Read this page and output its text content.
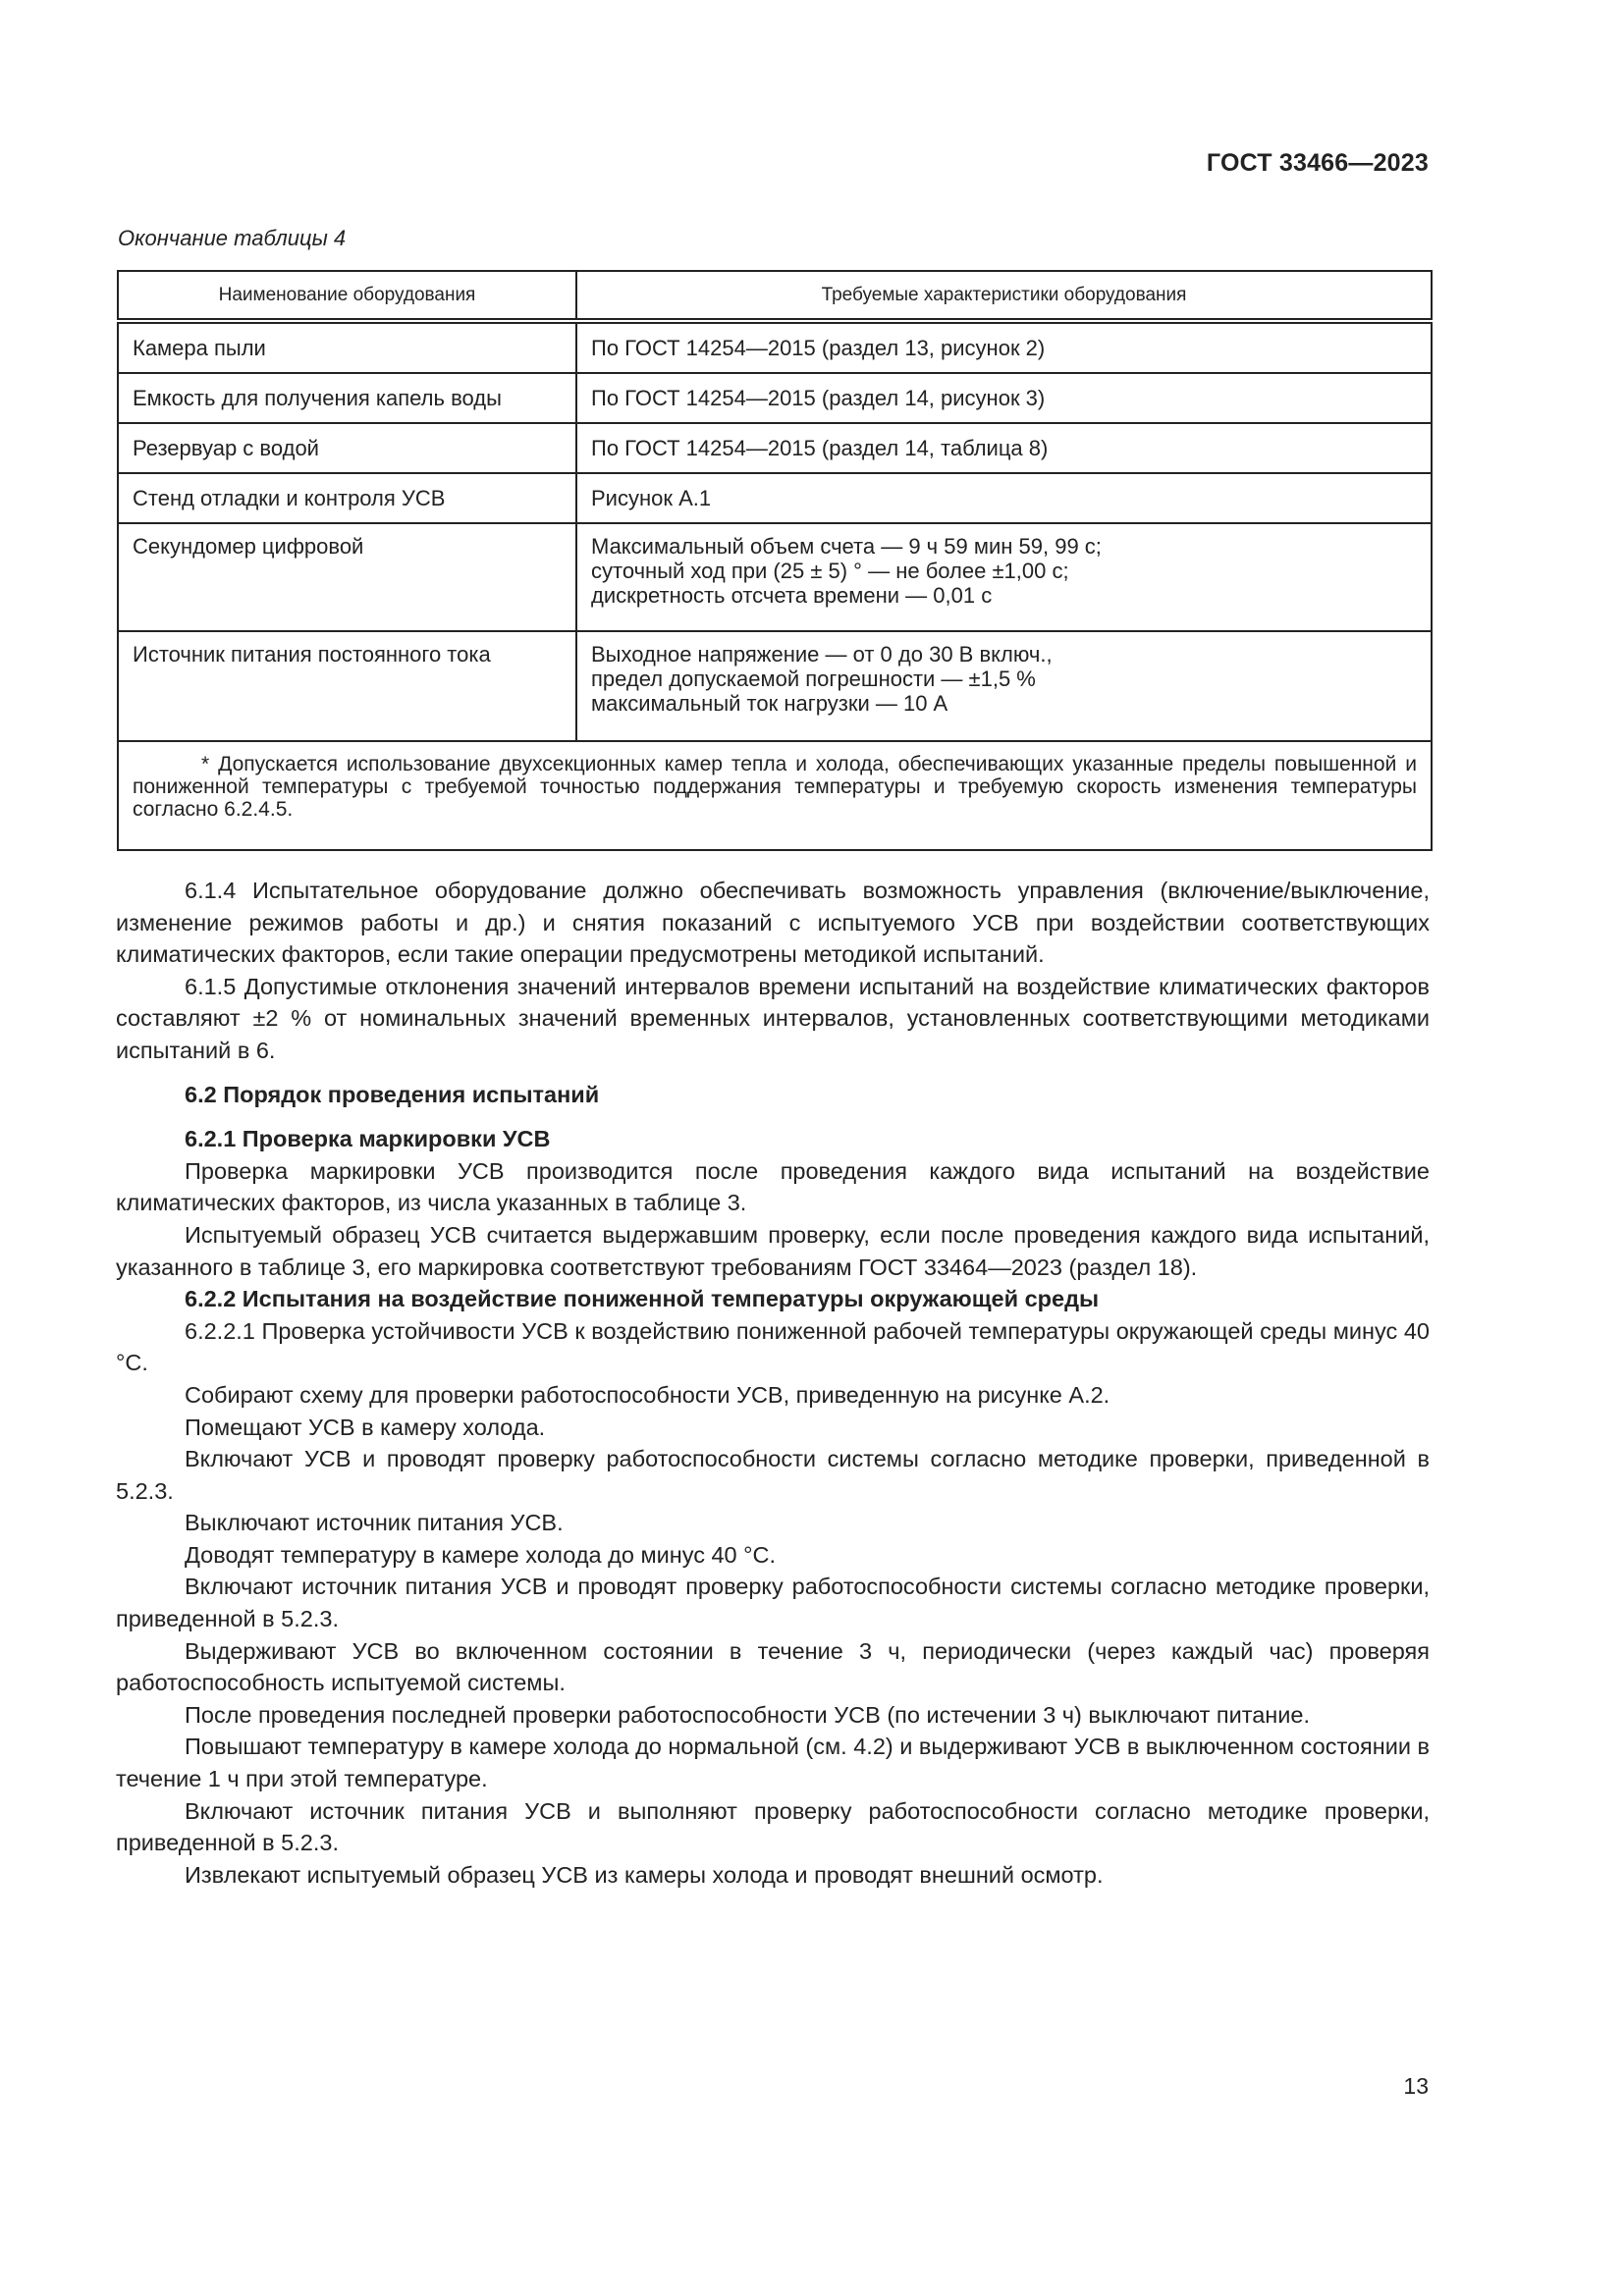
ГОСТ 33466—2023
Окончание таблицы 4
Наименование оборудования	Требуемые характеристики оборудования
Камера пыли	По ГОСТ 14254—2015 (раздел 13, рисунок 2)
Емкость для получения капель воды	По ГОСТ 14254—2015 (раздел 14, рисунок 3)
Резервуар с водой	По ГОСТ 14254—2015 (раздел 14, таблица 8)
Стенд отладки и контроля УСВ	Рисунок А.1
Секундомер цифровой	Максимальный объем счета — 9 ч 59 мин 59, 99 с;
суточный ход при (25 ± 5) ° — не более ±1,00 с;
дискретность отсчета времени — 0,01 с

Источник питания постоянного тока	Выходное напряжение — от 0 до 30 В включ.,
предел допускаемой погрешности — ±1,5 %
максимальный ток нагрузки — 10 А

* Допускается использование двухсекционных камер тепла и холода, обеспечивающих указанные пределы повышенной и пониженной температуры с требуемой точностью поддержания температуры и требуемую скорость изменения температуры согласно 6.2.4.5.	

6.1.4 Испытательное оборудование должно обеспечивать возможность управления (включение/выключение, изменение режимов работы и др.) и снятия показаний с испытуемого УСВ при воздействии соответствующих климатических факторов, если такие операции предусмотрены методикой испытаний.

6.1.5 Допустимые отклонения значений интервалов времени испытаний на воздействие климатических факторов составляют ±2 % от номинальных значений временных интервалов, установленных соответствующими методиками испытаний в 6.

6.2 Порядок проведения испытаний

6.2.1 Проверка маркировки УСВ

Проверка маркировки УСВ производится после проведения каждого вида испытаний на воздействие климатических факторов, из числа указанных в таблице 3.

Испытуемый образец УСВ считается выдержавшим проверку, если после проведения каждого вида испытаний, указанного в таблице 3, его маркировка соответствуют требованиям ГОСТ 33464—2023 (раздел 18).

6.2.2 Испытания на воздействие пониженной температуры окружающей среды

6.2.2.1 Проверка устойчивости УСВ к воздействию пониженной рабочей температуры окружающей среды минус 40 °С.

Собирают схему для проверки работоспособности УСВ, приведенную на рисунке А.2.

Помещают УСВ в камеру холода.

Включают УСВ и проводят проверку работоспособности системы согласно методике проверки, приведенной в 5.2.3.

Выключают источник питания УСВ.

Доводят температуру в камере холода до минус 40 °С.

Включают источник питания УСВ и проводят проверку работоспособности системы согласно методике проверки, приведенной в 5.2.3.

Выдерживают УСВ во включенном состоянии в течение 3 ч, периодически (через каждый час) проверяя работоспособность испытуемой системы.

После проведения последней проверки работоспособности УСВ (по истечении 3 ч) выключают питание.

Повышают температуру в камере холода до нормальной (см. 4.2) и выдерживают УСВ в выключенном состоянии в течение 1 ч при этой температуре.

Включают источник питания УСВ и выполняют проверку работоспособности согласно методике проверки, приведенной в 5.2.3.

Извлекают испытуемый образец УСВ из камеры холода и проводят внешний осмотр.

13
